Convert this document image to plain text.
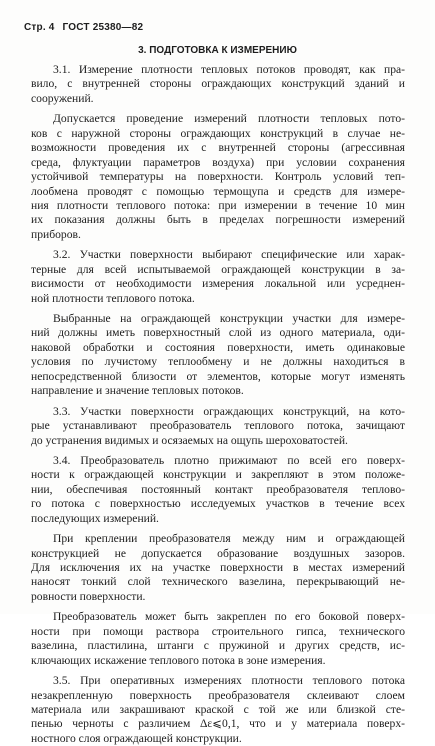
Стр. 4 ГОСТ 25380—82
3. ПОДГОТОВКА К ИЗМЕРЕНИЮ
3.1. Измерение плотности тепловых потоков проводят, как пра-
вило, с внутренней стороны ограждающих конструкций зданий и
сооружений.
Допускается проведение измерений плотности тепловых пото-
ков с наружной стороны ограждающих конструкций в случае не-
возможности проведения их с внутренней стороны (агрессивная
среда, флуктуации параметров воздуха) при условии сохранения
устойчивой температуры на поверхности. Контроль условий теп-
лообмена проводят с помощью термощупа и средств для измере-
ния плотности теплового потока: при измерении в течение 10 мин
их показания должны быть в пределах погрешности измерений
приборов.
3.2. Участки поверхности выбирают специфические или харак-
терные для всей испытываемой ограждающей конструкции в за-
висимости от необходимости измерения локальной или усреднен-
ной плотности теплового потока.
Выбранные на ограждающей конструкции участки для измере-
ний должны иметь поверхностный слой из одного материала, оди-
наковой обработки и состояния поверхности, иметь одинаковые
условия по лучистому теплообмену и не должны находиться в
непосредственной близости от элементов, которые могут изменять
направление и значение тепловых потоков.
3.3. Участки поверхности ограждающих конструкций, на кото-
рые устанавливают преобразователь теплового потока, зачищают
до устранения видимых и осязаемых на ощупь шероховатостей.
3.4. Преобразователь плотно прижимают по всей его поверх-
ности к ограждающей конструкции и закрепляют в этом положе-
нии, обеспечивая постоянный контакт преобразователя теплово-
го потока с поверхностью исследуемых участков в течение всех
последующих измерений.
При креплении преобразователя между ним и ограждающей
конструкцией не допускается образование воздушных зазоров.
Для исключения их на участке поверхности в местах измерений
наносят тонкий слой технического вазелина, перекрывающий не-
ровности поверхности.
Преобразователь может быть закреплен по его боковой поверх-
ности при помощи раствора строительного гипса, технического
вазелина, пластилина, штанги с пружиной и других средств, ис-
ключающих искажение теплового потока в зоне измерения.
3.5. При оперативных измерениях плотности теплового потока
незакрепленную поверхность преобразователя склеивают слоем
материала или закрашивают краской с той же или близкой сте-
пенью черноты с различием Δε⩽0,1, что и у материала поверх-
ностного слоя ограждающей конструкции.
